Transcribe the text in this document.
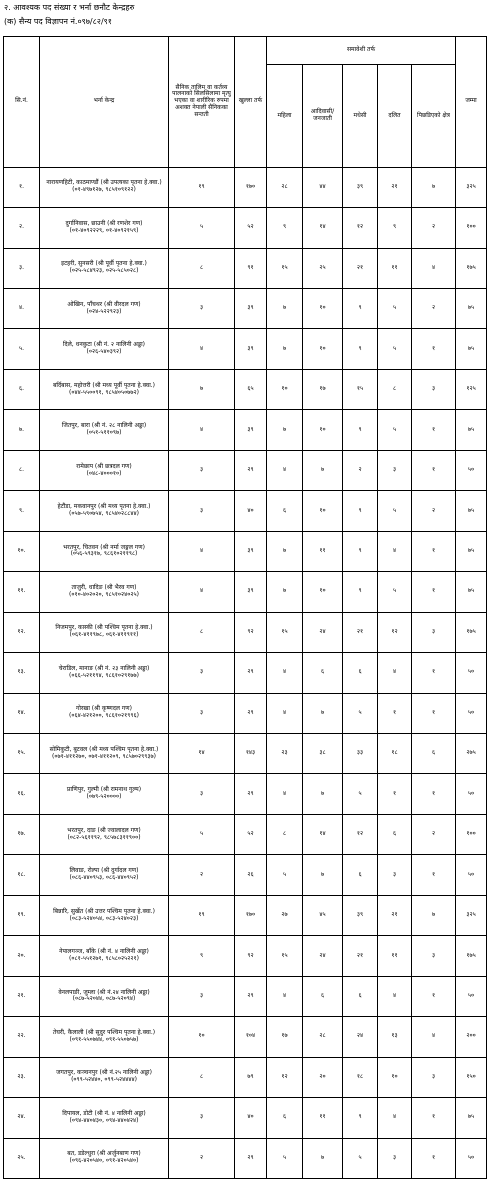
२. आवश्यक पद संख्या र भर्ना छनौट केन्द्रहरु
(क) सैन्य पद विज्ञापन नं.०९७/८२/९१
सि.नं.	भर्ना केन्द्र	सैनिक तालिम वा कर्तव्य पालनाको सिलसिलामा मृत्यु भएका वा शारीरिक रुपमा अशक्त नेपाली सैनिकका सन्तती	खुल्ला तर्फ	समावेशी तर्फ					जम्मा
				महिला	आदिवासी/ जनजाती	मधेसी	दलित	पिछडिएको क्षेत्र	
१.	नारायणहिटी, काठमाण्डौं (श्री उपत्यका पृतना हे.क्वा.)
(०१-४९७१२७, ९८५१०९१२२)	१९	१७०	२८	४४	३९	२१	७	३२५
२.	दुर्गानिवास, छाउनी (श्री रणशेर गण)
(०१-४०९२२२९, ०१-४०९२१५९)	५	५२	९	१४	१२	९	२	१००
३.	इटहरी, सुनसरी (श्री पूर्वी पृतना हे.क्वा.)
(०२५-५८४९२३, ०२५-५८५०२८)	८	९१	१५	२५	२१	११	४	१७५
४.	ओखिन, पाँचथर (श्री वीरदल गण)
(०२४-५२२९२३)	३	३९	७	१०	९	५	२	७५
५.	दिले, धनकुटा (श्री नं. २ नालिनी अड्डा)
(०२६-५४०३९२)	४	३९	७	१०	९	५	१	७५
६.	बर्दिबास, महोत्तरी (श्री मध्य पूर्वी पृतना हे.क्वा.)
(०४४-५५००९१, ९८५४०५०७७२)	७	६५	१०	१७	१५	८	३	१२५
७.	जितपुर, बारा (श्री नं. २८ नालिनी अड्डा)
(०५१-५११०९७)	४	३९	७	१०	९	५	१	७५
८.	रामेछाप (श्री छत्रदल गण)
(०४८-४०००१०)	३	२९	४	७	२	३	१	५०
९.	हेटौंडा, मकवानपुर (श्री मध्य पृतना हे.क्वा.)
(०५७-५९०७५४, ९८५४०२८८४४)	३	४०	६	१०	९	५	२	७५
१०.	भरतपुर, चितवन (श्री नर्मा जङ्गल गण)
(०५६-५९३१७, ९८६१०२११९८)	४	३९	७	११	९	४	१	७५
११.	ताजुरी, धादिङ (श्री भैरव गण)
(०१०-४०२०२०, ९८५१०२४०२५)	४	३९	७	१०	९	५	१	७५
१२.	निजमपुर, कास्की (श्री पश्चिम पृतना हे.क्वा.)
(०६१-४११९७८, ०६१-४११९११)	८	९२	१५	२४	२१	१२	३	१७५
१३.	चेराडिल, मानाङ (श्री नं. २३ नालिनी अड्डा)
(०६६-५२११९४, ९८६१०२९१७७)	३	२९	४	६	६	४	१	५०
१४.	गोरखा (श्री कृष्णदल गण)
(०६४-४२१२००, ९८६१०२१९९६)	३	२९	४	७	५	१	१	५०
१५.	सोमिकुटी, बुटवल (श्री मध्य पश्चिम पृतना हे.क्वा.)
(०७१-४११२७०, ०७१-४११२०९, ९८५७०२९९३७)	१४	१४३	२३	३८	३३	१८	६	२७५
१६.	प्राणिपुर, गुल्मी (श्री रामनाथ गुल्म)
(०७९-५२००००)	३	२९	४	७	५	१	१	५०
१७.	भरतपुर, दाङ (श्री ज्वालादल गण)
(०८२-५६११९२, ९८५७८३११९००)	५	५२	८	१४	१२	६	२	१००
१८.	लिवाङ, रोल्पा (श्री दुर्गादल गण)
(०८६-४४०९५३, ०८६-४४०९५२)	२	२६	५	७	६	३	१	५०
१९.	बिन्नारि, सुर्खेत (श्री उत्तर पश्चिम पृतना हे.क्वा.)
(०८३-५२४०५४, ०८३-५२४०२३)	१९	१७०	२७	४५	३९	२१	७	३२५
२०.	नेपालगञ्ज, बाँके (श्री नं. ४ नालिनी अड्डा)
(०८१-५५१२७१, ९८५८०२५२२१)	९	९२	१५	२४	२१	११	३	१७५
२१.	वेनलपाङी, जुम्ला (श्री नं.२४ नालिनी अड्डा)
(०८७-५२०४४, ०८७-५२०९४)	३	२९	४	६	६	४	१	५०
२२.	तेघरी, कैलाली (श्री सुदुर पश्चिम पृतना हे.क्वा.)
(०९१-५५०७४४, ०९१-५५०७५७)	१०	१०४	१७	२८	२४	१३	४	२००
२३.	जगतपुर, कञ्चनपुर (श्री नं.२५ नालिनी अड्डा)
(०९९-५२४४०, ०९९-५२४४४४)	८	७९	१२	२०	१८	१०	३	१५०
२४.	दिपायल, डोटी (श्री नं. ४ नालिनी अड्डा)
(०९४-४४०४३०, ०९४-४४०४२४)	३	४०	६	११	९	४	१	७५
२५.	बत, डडेल्धुरा (श्री अर्जुनबाण गण)
(०९६-४२०५४०, ०९१-४२०५४०)	२	२९	५	७	५	३	१	५०
